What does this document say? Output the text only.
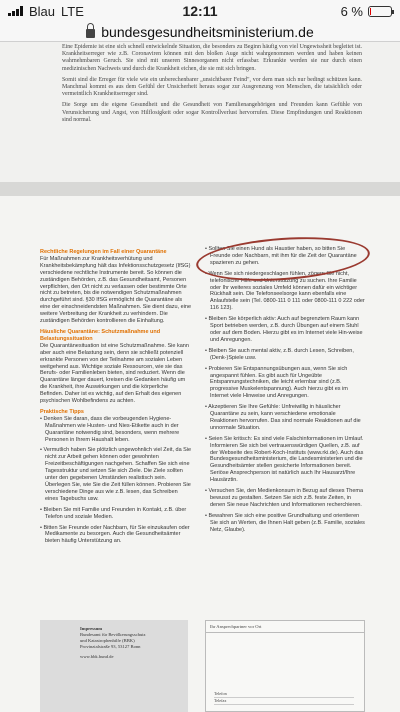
Blau LTE	12:11	6 %
bundesgesundheitsministerium.de

Eine Epidemie ist eine sich schnell entwickelnde Situation, die besonders zu Beginn häufig von viel Ungewissheit begleitet ist. Krankheitserreger wie z.B. Coronaviren können mit den bloßen Auge nicht wahrgenommen werden und haben keinen wahrnehmbaren Geruch. Sie sind mit unseren Sinnesorganen nicht erfassbar. Erkrankte werden sie nur durch einen medizinischen Nachweis und durch die Krankheit eichen, die sie mit sich bringen.

Somit sind die Erreger für viele wie ein unberechenbarer „unsichtbarer Feind", vor dem man sich nur bedingt schützen kann. Manchmal kommt es aus dem Gefühl der Unsicherheit heraus sogar zur Ausgrenzung von Menschen, die tatsächlich oder vermeintlich Krankheitserreger sind.

Die Sorge um die eigene Gesundheit und die Gesundheit von Familienangehörigen und Freunden kann Gefühle von Verunsicherung und Angst, von Hilflosigkeit oder sogar Kontrollverlust hervorrufen. Diese Empfindungen und Reaktionen sind normal.

Rechtliche Regelungen im Fall einer Quarantäne
Für Maßnahmen zur Krankheitsverhütung und Krankheitsbekämpfung hält das Infektionsschutzgesetz (IfSG) verschiedene rechtliche Instrumente bereit. So können die zuständigen Behörden, z.B. das Gesundheitsamt, Personen verpflichten, den Ort nicht zu verlassen oder bestimmte Orte nicht zu betreten, bis die notwendigen Schutzmaßnahmen durchgeführt sind. §30 IfSG ermöglicht die Quarantäne als eine der einschneidendsten Maßnahmen. Sie dient dazu, eine weitere Verbreitung der Krankheit zu verhindern. Die zuständigen Behörden kontrollieren die Einhaltung.
Häusliche Quarantäne: Schutzmaßnahme und Belastungssituation
Die Quarantänesituation ist eine Schutzmaßnahme. Sie kann aber auch eine Belastung sein, denn sie schließt potenziell erkrankte Personen von der Teilnahme am sozialen Leben weitgehend aus. Wichtige soziale Ressourcen, wie sie das Berufs- oder Familienleben bieten, sind reduziert. Wenn die Quarantäne länger dauert, kreisen die Gedanken häufig um die Krankheit, ihre Auswirkungen und die körperliche Befinden. Daher ist es wichtig, auf den Erhalt des eigenen psychischen Wohlbefindens zu achten.
Praktische Tipps
• Denken Sie daran, dass die vorbeugenden Hygiene-Maßnahmen wie Husten- und Nies-Etikette auch in der Quarantäne notwendig sind, besonders, wenn mehrere Personen in Ihrem Haushalt leben.
• Vermutlich haben Sie plötzlich ungewohnlich viel Zeit, da Sie nicht zur Arbeit gehen können oder gewohnten Freizeitbeschäftigungen nachgehen. Schaffen Sie sich eine Tagesstruktur und setzen Sie sich Ziele. Die Ziele sollten unter den gegebenen Umständen realistisch sein. Überlegen Sie, wie Sie die Zeit füllen können. Probieren Sie verschiedene Dinge aus wie z.B. lesen, das Schreiben eines Tagebuchs usw.
• Bleiben Sie mit Familie und Freunden in Kontakt, z.B. über Telefon und soziale Medien.
• Bitten Sie Freunde oder Nachbarn, für Sie einzukaufen oder Medikamente zu besorgen. Auch die Gesundheitsämter bieten häufig Unterstützung an.
• Sollten Sie einen Hund als Haustier haben, so bitten Sie Freunde oder Nachbarn, mit ihm für die Zeit der Quarantäne spazieren zu gehen.
• Wenn Sie sich niedergeschlagen fühlen, zögern Sie nicht, telefonische Hilfe und Unterstützung zu suchen. Ihre Familie oder Ihr weiteres soziales Umfeld können dafür ein wichtiger Rückhalt sein. Die Telefonseelsorge kann ebenfalls eine Anlaufstelle sein (Tel. 0800-111 0 111 oder 0800-111 0 222 oder 116 123).
• Bleiben Sie körperlich aktiv: Auch auf begrenztem Raum kann Sport betrieben werden, z.B. durch Übungen auf einem Stuhl oder auf dem Boden. Hierzu gibt es im Internet viele Hin-weise und Anregungen.
• Bleiben Sie auch mental aktiv, z.B. durch Lesen, Schreiben, (Denk-)Spiele usw.
• Probieren Sie Entspannungsübungen aus, wenn Sie sich angespannt fühlen. Es gibt auch für Ungeübte Entspannungstechniken, die leicht erlernbar sind (z.B. progressive Muskelentspannung). Auch hierzu gibt es im Internet viele Hinweise und Anregungen.
• Akzeptieren Sie Ihre Gefühle: Unfreiwillig in häuslicher Quarantäne zu sein, kann verschiedene emotionale Reaktionen hervorrufen. Das sind normale Reaktionen auf die unnormale Situation.
• Seien Sie kritisch: Es sind viele Falschinformationen im Umlauf. Informieren Sie sich bei vertrauenswürdigen Quellen, z.B. auf der Webseite des Robert-Koch-Instituts (www.rki.de). Auch das Bundesgesundheitsministerium, die Landesministerien und die Gesundheitsämter stellen gesicherte Informationen bereit. Seriöse Ansprechperson ist natürlich auch Ihr Hausarzt/Ihre Hausärztin.
• Versuchen Sie, den Medienkonsum in Bezug auf dieses Thema bewusst zu gestalten. Setzen Sie sich z.B. feste Zeiten, in denen Sie neue Nachrichten und Informationen recherchieren.
• Bewahren Sie sich eine positive Grundhaltung und orientieren Sie sich an Werten, die Ihnen Halt geben (z.B. Familie, soziales Netz, Glaube).
Impressum
Bundesamt für Bevölkerungsschutz
und Katastrophenhilfe (BBK)
Provinzialstraße 93, 53127 Bonn
www.bbk.bund.de
Ihr Ansprechpartner vor Ort
Telefon
Telefax
